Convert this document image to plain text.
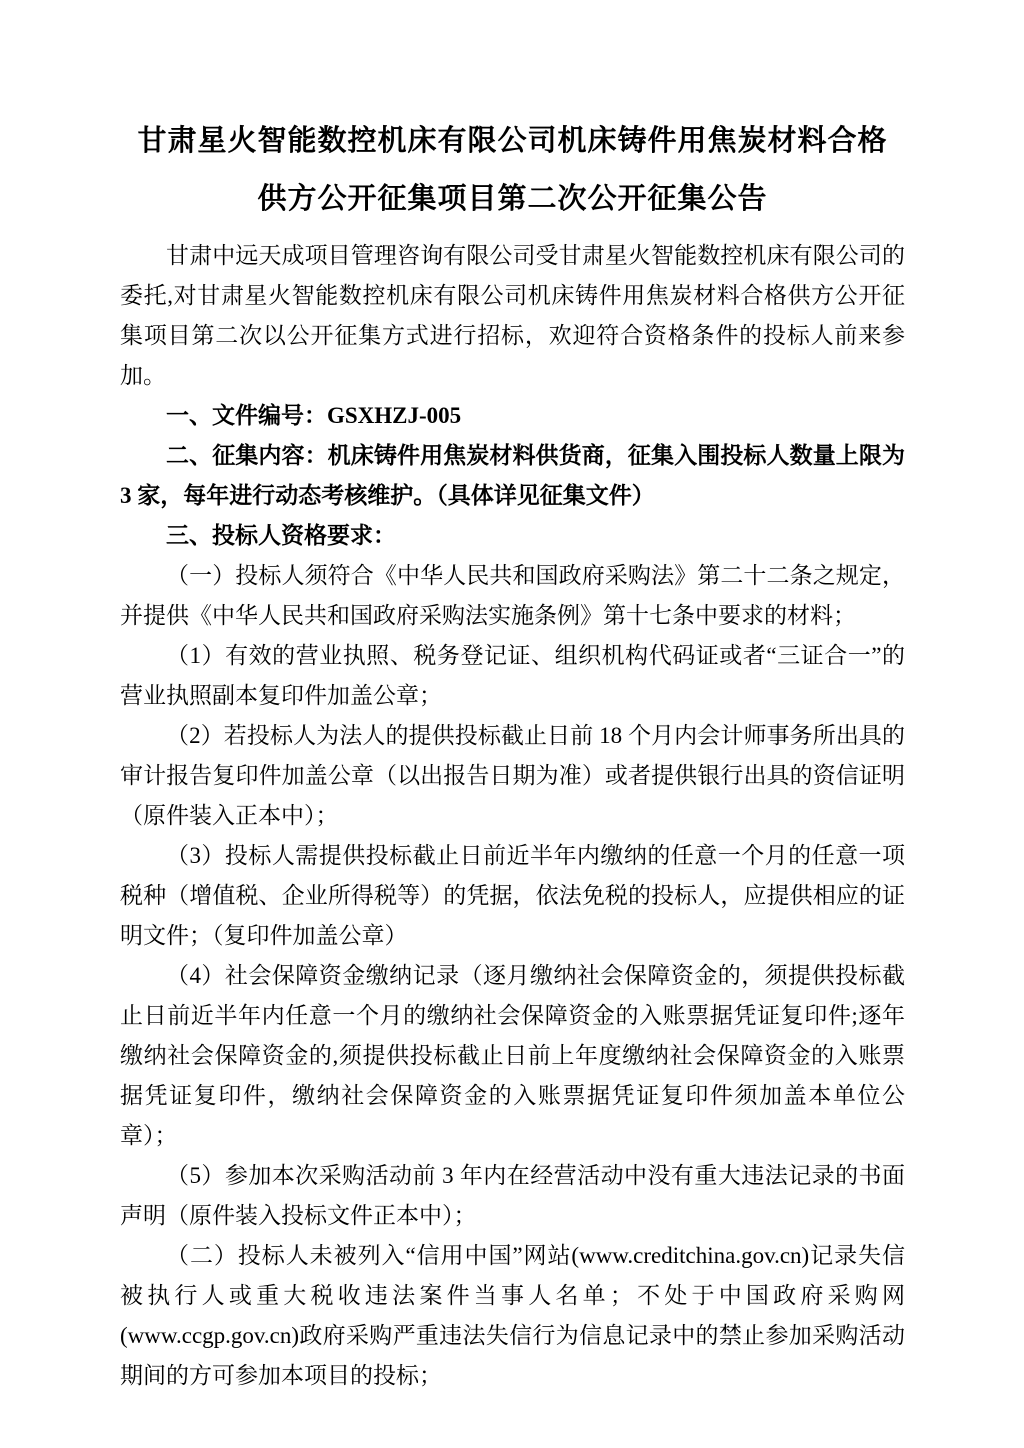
甘肃星火智能数控机床有限公司机床铸件用焦炭材料合格
供方公开征集项目第二次公开征集公告

甘肃中远天成项目管理咨询有限公司受甘肃星火智能数控机床有限公司的委托,对甘肃星火智能数控机床有限公司机床铸件用焦炭材料合格供方公开征集项目第二次以公开征集方式进行招标，欢迎符合资格条件的投标人前来参加。

一、文件编号：GSXHZJ-005

二、征集内容：机床铸件用焦炭材料供货商，征集入围投标人数量上限为 3 家，每年进行动态考核维护。（具体详见征集文件）

三、投标人资格要求：

（一）投标人须符合《中华人民共和国政府采购法》第二十二条之规定，并提供《中华人民共和国政府采购法实施条例》第十七条中要求的材料；

（1）有效的营业执照、税务登记证、组织机构代码证或者“三证合一”的营业执照副本复印件加盖公章；

（2）若投标人为法人的提供投标截止日前 18 个月内会计师事务所出具的审计报告复印件加盖公章（以出报告日期为准）或者提供银行出具的资信证明（原件装入正本中）；

（3）投标人需提供投标截止日前近半年内缴纳的任意一个月的任意一项税种（增值税、企业所得税等）的凭据，依法免税的投标人，应提供相应的证明文件；（复印件加盖公章）

（4）社会保障资金缴纳记录（逐月缴纳社会保障资金的，须提供投标截止日前近半年内任意一个月的缴纳社会保障资金的入账票据凭证复印件;逐年缴纳社会保障资金的,须提供投标截止日前上年度缴纳社会保障资金的入账票据凭证复印件，缴纳社会保障资金的入账票据凭证复印件须加盖本单位公章）；

（5）参加本次采购活动前 3 年内在经营活动中没有重大违法记录的书面声明（原件装入投标文件正本中）；

（二）投标人未被列入“信用中国”网站(www.creditchina.gov.cn)记录失信被执行人或重大税收违法案件当事人名单；不处于中国政府采购网(www.ccgp.gov.cn)政府采购严重违法失信行为信息记录中的禁止参加采购活动期间的方可参加本项目的投标；
